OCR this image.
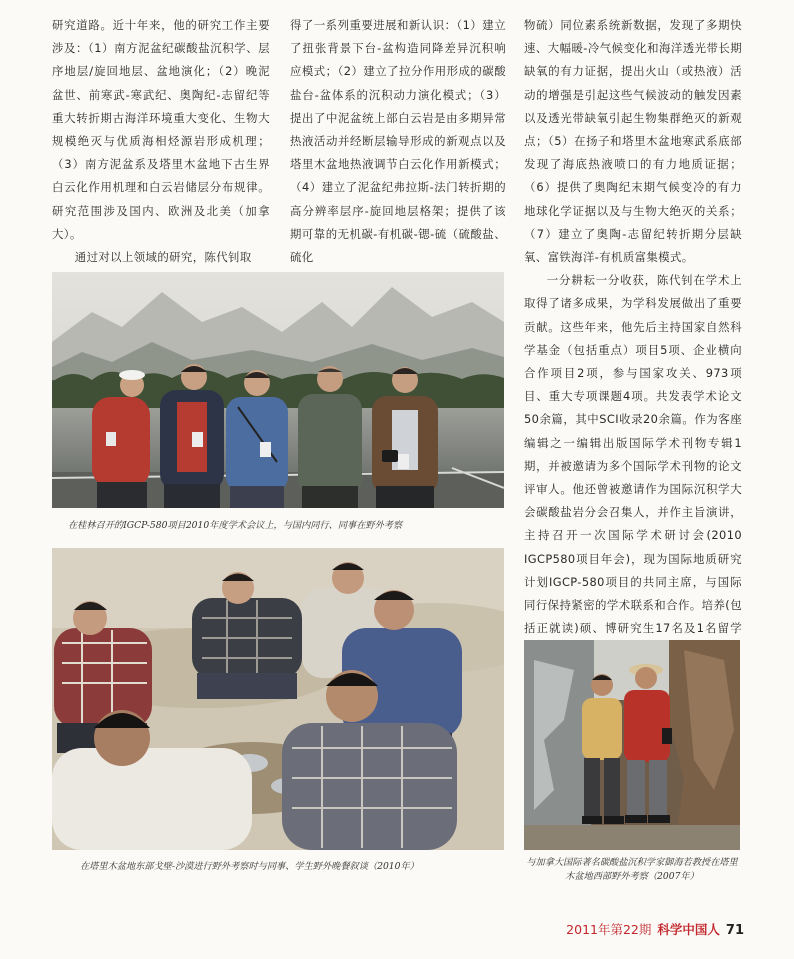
研究道路。近十年来，他的研究工作主要涉及：（1）南方泥盆纪碳酸盐沉积学、层序地层/旋回地层、盆地演化；（2）晚泥盆世、前寒武-寒武纪、奥陶纪-志留纪等重大转折期古海洋环境重大变化、生物大规模绝灭与优质海相烃源岩形成机理；（3）南方泥盆系及塔里木盆地下古生界白云化作用机理和白云岩储层分布规律。研究范围涉及国内、欧洲及北美（加拿大）。

通过对以上领域的研究，陈代钊取

得了一系列重要进展和新认识：（1）建立了扭张背景下台-盆构造同降差异沉积响应模式；（2）建立了拉分作用形成的碳酸盐台-盆体系的沉积动力演化模式；（3）提出了中泥盆统上部白云岩是由多期异常热液活动并经断层输导形成的新观点以及塔里木盆地热液调节白云化作用新模式；（4）建立了泥盆纪弗拉斯-法门转折期的高分辨率层序-旋回地层格架；提供了该期可靠的无机碳-有机碳-锶-硫（硫酸盐、硫化

物硫）同位素系统新数据，发现了多期快速、大幅暖-冷气候变化和海洋透光带长期缺氧的有力证据，提出火山（或热液）活动的增强是引起这些气候波动的触发因素以及透光带缺氧引起生物集群绝灭的新观点；（5）在扬子和塔里木盆地寒武系底部发现了海底热液喷口的有力地质证据；（6）提供了奥陶纪末期气候变冷的有力地球化学证据以及与生物大绝灭的关系；（7）建立了奥陶-志留纪转折期分层缺氧、富铁海洋-有机质富集模式。

一分耕耘一分收获，陈代钊在学术上取得了诸多成果，为学科发展做出了重要贡献。这些年来，他先后主持国家自然科学基金（包括重点）项目5项、企业横向合作项目2项，参与国家攻关、973项目、重大专项课题4项。共发表学术论文50余篇，其中SCI收录20余篇。作为客座编辑之一编辑出版国际学术刊物专辑1期，并被邀请为多个国际学术刊物的论文评审人。他还曾被邀请作为国际沉积学大会碳酸盐岩分会召集人，并作主旨演讲，主持召开一次国际学术研讨会(2010 IGCP580项目年会)，现为国际地质研究计划IGCP-580项目的共同主席，与国际同行保持紧密的学术联系和合作。培养(包括正就读)硕、博研究生17名及1名留学

在桂林召开的IGCP-580项目2010年度学术会议上，与国内同行、同事在野外考察
在塔里木盆地东部戈壁-沙漠进行野外考察时与同事、学生野外晚餐叙谈（2010年）	与加拿大国际著名碳酸盐沉积学家御海若教授在塔里木盆地西部野外考察（2007年）
2011年第22期 科学中国人 71
